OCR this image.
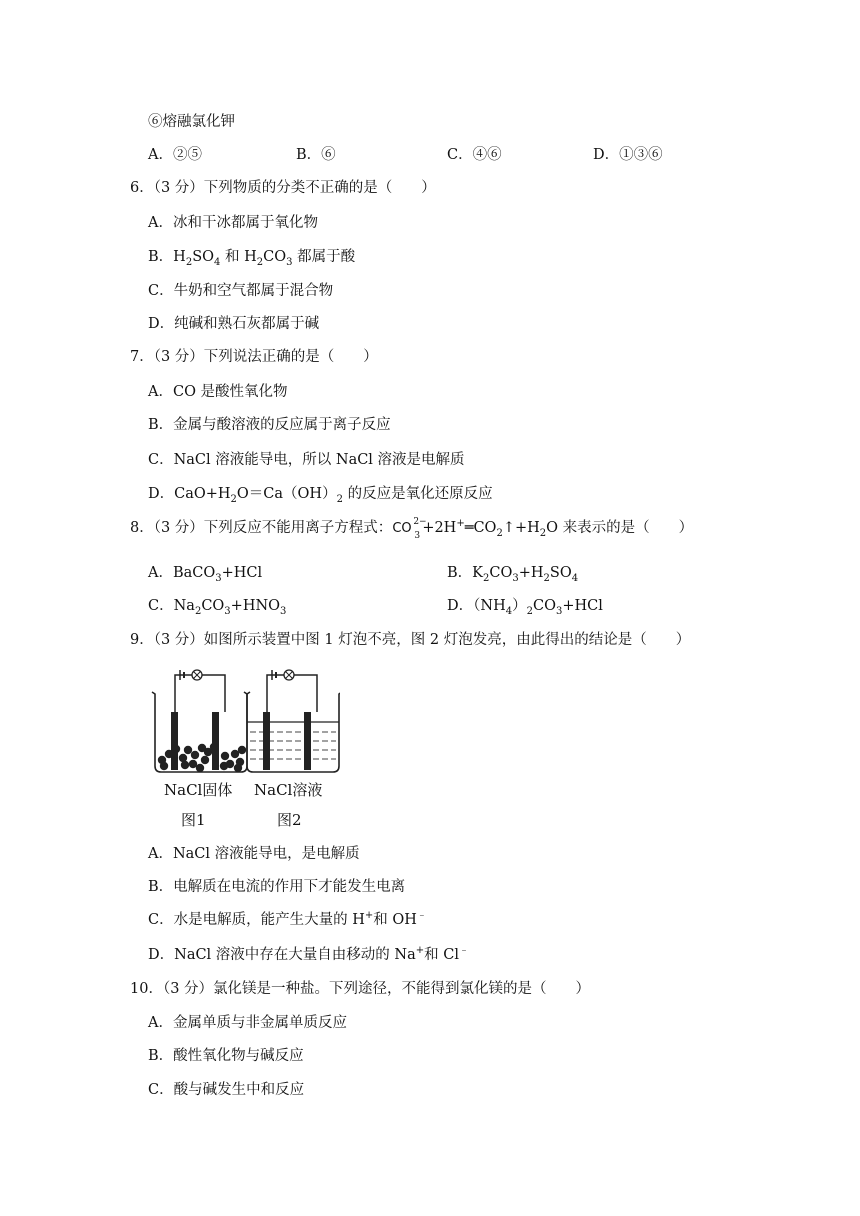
⑥熔融氯化钾
A．②⑤	B．⑥	C．④⑥	D．①③⑥
6．（3 分）下列物质的分类不正确的是（　　）
A．冰和干冰都属于氧化物
B．$H_2SO_4$ 和 $H_2CO_3$ 都属于酸
C．牛奶和空气都属于混合物
D．纯碱和熟石灰都属于碱
7．（3 分）下列说法正确的是（　　）
A．CO 是酸性氧化物
B．金属与酸溶液的反应属于离子反应
C．NaCl 溶液能导电，所以 NaCl 溶液是电解质
D．$CaO+H_2O=Ca(OH)_2$ 的反应是氧化还原反应
8．（3 分）下列反应不能用离子方程式：CO 2−
$3 +2H^+═CO_2↑+H_2O$ 来表示的是（　　）
A．BaCO$_3$+HCl	B．$K_2CO_3+H_2SO_4$
C．$Na_2CO_3+HNO_3$	D．$(NH_4)_2CO_3+HCl$
9．（3 分）如图所示装置中图 1 灯泡不亮，图 2 灯泡发亮，由此得出的结论是（　　）
NaCl固体
图1
NaCl溶液
图2
A．NaCl 溶液能导电，是电解质
B．电解质在电流的作用下才能发生电离
C．水是电解质，能产生大量的 H+和 OH﹣
D．NaCl 溶液中存在大量自由移动的 Na+和 Cl﹣
10．（3 分）氯化镁是一种盐。下列途径，不能得到氯化镁的是（　　）
A．金属单质与非金属单质反应
B．酸性氧化物与碱反应
C．酸与碱发生中和反应
